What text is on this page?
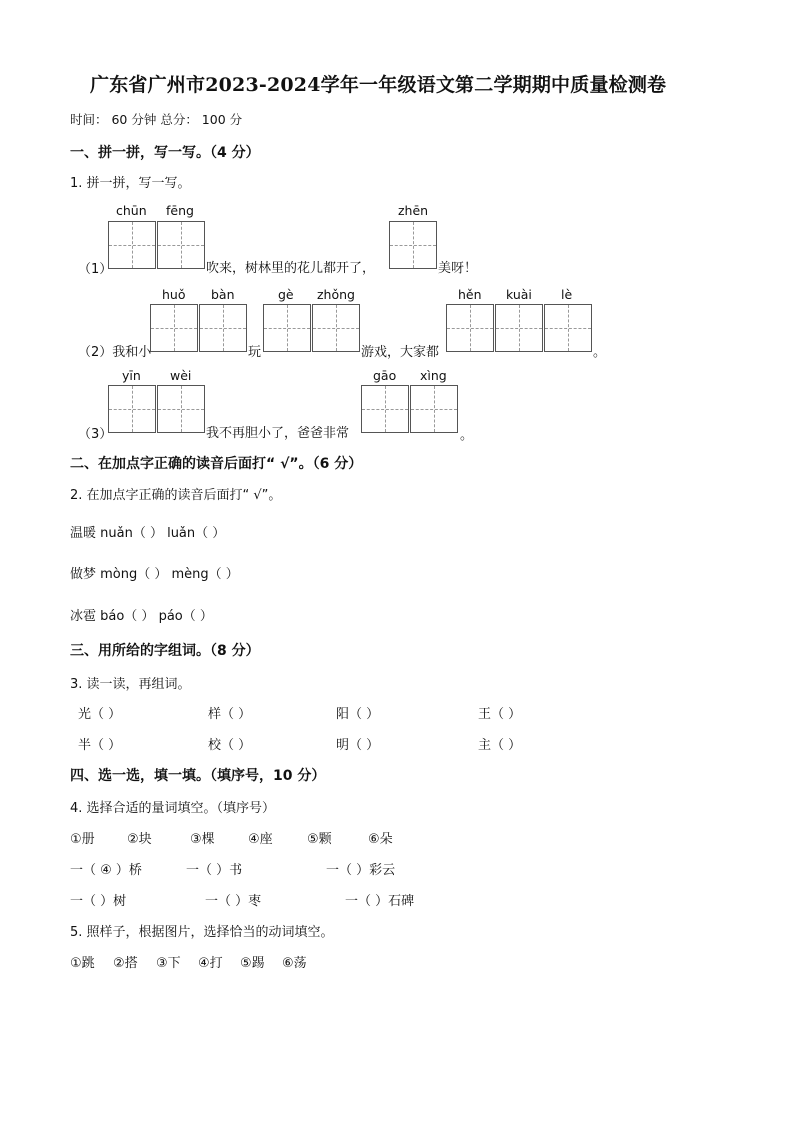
广东省广州市2023-2024学年一年级语文第二学期期中质量检测卷
时间： 60 分钟 总分： 100 分
一、拼一拼，写一写。（4 分）
1. 拼一拼，写一写。
chūn fēng	zhēn
（1）	吹来，树林里的花儿都开了，	美呀！
huǒ bàn	gè zhǒng	hěn kuài lè
（2）我和小	玩	游戏，大家都	。
yīn wèi	gāo xìng
（3）	我不再胆小了，爸爸非常	。
二、在加点字正确的读音后面打“ √”。（6 分）
2. 在加点字正确的读音后面打“ √”。
温暖 nuǎn（ ） luǎn（ ）
做梦 mòng（ ） mèng（ ）
冰雹 báo（ ） páo（ ）
三、用所给的字组词。（8 分）
3. 读一读，再组词。
光（ ）	样（ ）	阳（ ）	王（ ）
半（ ）	校（ ）	明（ ）	主（ ）
四、选一选，填一填。（填序号，10 分）
4. 选择合适的量词填空。（填序号）
①册 ②块	③棵	④座	⑤颗	⑥朵
一（ ④ ）桥	一（ ）书	一（ ）彩云
一（ ）树	一（ ）枣	一（ ）石碑
5. 照样子，根据图片，选择恰当的动词填空。
①跳 ②搭 ③下 ④打 ⑤踢 ⑥荡
